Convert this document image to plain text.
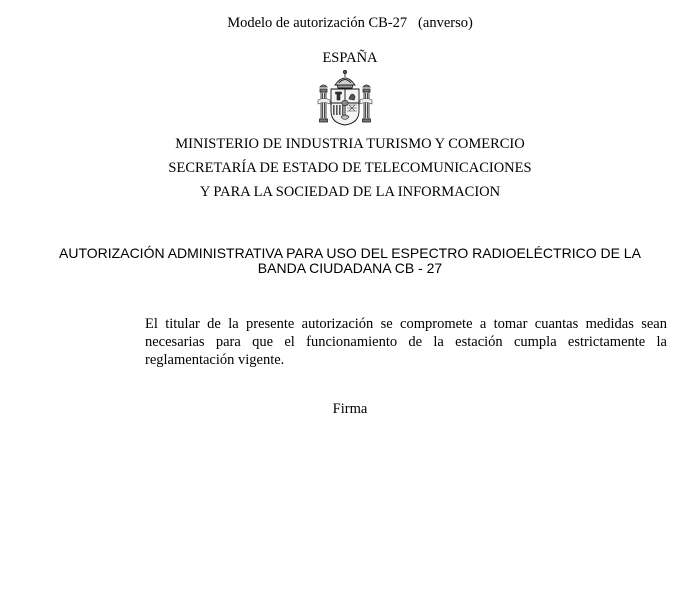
Modelo de autorización CB-27   (anverso)
ESPAÑA
MINISTERIO DE INDUSTRIA TURISMO Y COMERCIO
SECRETARÍA DE ESTADO DE TELECOMUNICACIONES
Y PARA LA SOCIEDAD DE LA INFORMACION
AUTORIZACIÓN ADMINISTRATIVA PARA USO DEL ESPECTRO RADIOELÉCTRICO DE LA
BANDA CIUDADANA CB - 27
El titular de la presente autorización se compromete a tomar cuantas medidas sean necesarias para que el funcionamiento de la estación cumpla estrictamente la reglamentación vigente.
Firma
